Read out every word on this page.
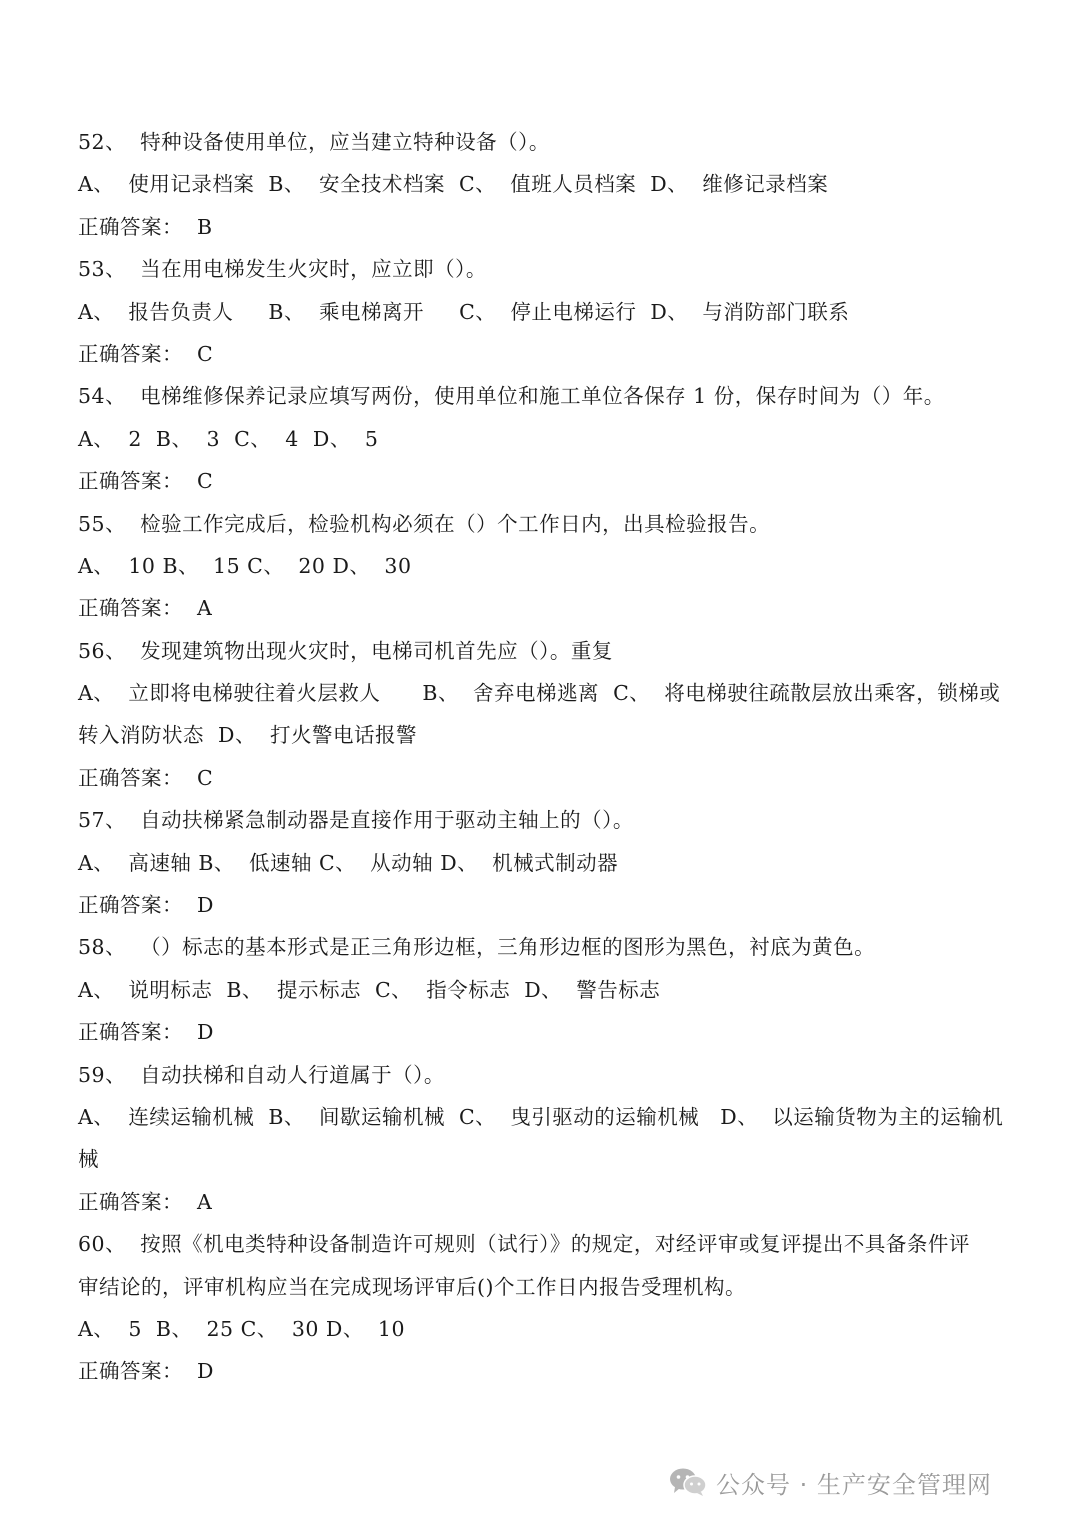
52、  特种设备使用单位，应当建立特种设备（）。
A、  使用记录档案  B、  安全技术档案  C、  值班人员档案  D、  维修记录档案
正确答案：  B
53、  当在用电梯发生火灾时，应立即（）。
A、  报告负责人     B、  乘电梯离开     C、  停止电梯运行  D、  与消防部门联系
正确答案：  C
54、  电梯维修保养记录应填写两份，使用单位和施工单位各保存 1 份，保存时间为（）年。
A、  2  B、  3  C、  4  D、  5
正确答案：  C
55、  检验工作完成后，检验机构必须在（）个工作日内，出具检验报告。
A、  10 B、  15 C、  20 D、  30
正确答案：  A
56、  发现建筑物出现火灾时，电梯司机首先应（）。重复
A、  立即将电梯驶往着火层救人      B、  舍弃电梯逃离  C、  将电梯驶往疏散层放出乘客，锁梯或
转入消防状态  D、  打火警电话报警
正确答案：  C
57、  自动扶梯紧急制动器是直接作用于驱动主轴上的（）。
A、  高速轴 B、  低速轴 C、  从动轴 D、  机械式制动器
正确答案：  D
58、  （）标志的基本形式是正三角形边框，三角形边框的图形为黑色，衬底为黄色。
A、  说明标志  B、  提示标志  C、  指令标志  D、  警告标志
正确答案：  D
59、  自动扶梯和自动人行道属于（）。
A、  连续运输机械  B、  间歇运输机械  C、  曳引驱动的运输机械   D、  以运输货物为主的运输机
械
正确答案：  A
60、  按照《机电类特种设备制造许可规则（试行）》的规定，对经评审或复评提出不具备条件评
审结论的，评审机构应当在完成现场评审后()个工作日内报告受理机构。
A、  5  B、  25 C、  30 D、  10
正确答案：  D
公众号 · 生产安全管理网
